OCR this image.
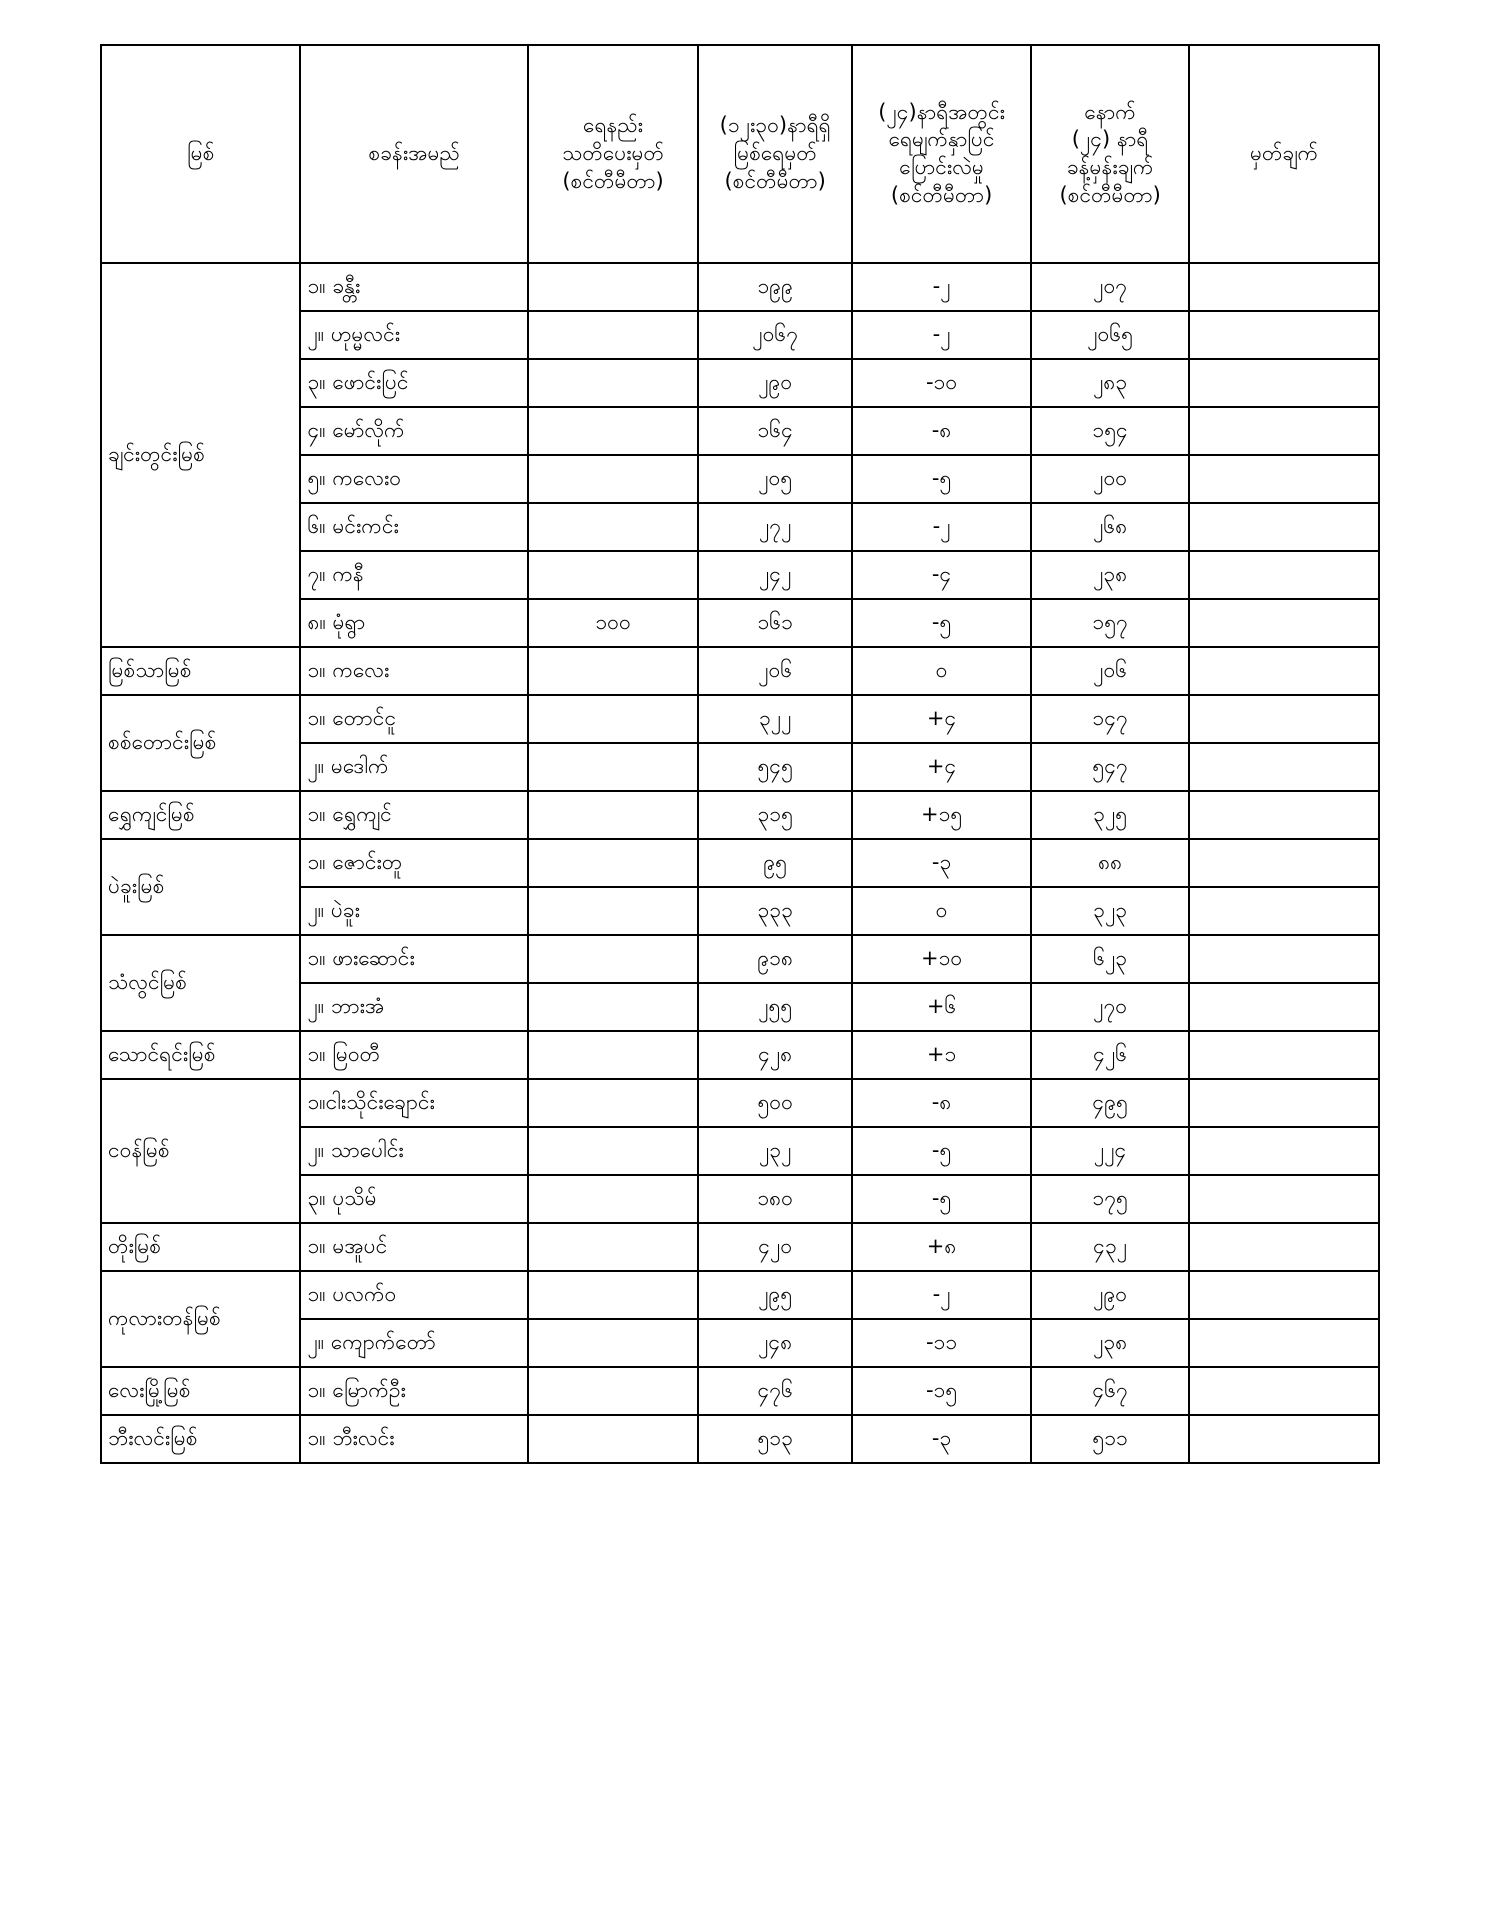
မြစ်	စခန်းအမည်	ရေနည်း
သတိပေးမှတ်
(စင်တီမီတာ)	(၁၂း၃၀)နာရီရှိ
မြစ်ရေမှတ်
(စင်တီမီတာ)	(၂၄)နာရီအတွင်း
ရေမျက်နှာပြင်
ပြောင်းလဲမှု
(စင်တီမီတာ)	နောက်
(၂၄) နာရီ
ခန့်မှန်းချက်
(စင်တီမီတာ)	မှတ်ချက်
ချင်းတွင်းမြစ်	၁။ ခန္တီး		၁၉၉	-၂	၂၀၇	
	၂။ ဟုမ္မလင်း		၂၀၆၇	-၂	၂၀၆၅	
	၃။ ဖောင်းပြင်		၂၉၀	-၁၀	၂၈၃	
	၄။ မော်လိုက်		၁၆၄	-၈	၁၅၄	
	၅။ ကလေးဝ		၂၀၅	-၅	၂၀၀	
	၆။ မင်းကင်း		၂၇၂	-၂	၂၆၈	
	၇။ ကနီ		၂၄၂	-၄	၂၃၈	
	၈။ မုံရွာ	၁၀၀	၁၆၁	-၅	၁၅၇	
မြစ်သာမြစ်	၁။ ကလေး		၂၀၆	၀	၂၀၆	
စစ်တောင်းမြစ်	၁။ တောင်ငူ		၃၂၂	+၄	၁၄၇	
	၂။ မဒေါက်		၅၄၅	+၄	၅၄၇	
ရွှေကျင်မြစ်	၁။ ရွှေကျင်		၃၁၅	+၁၅	၃၂၅	
ပဲခူးမြစ်	၁။ ဇောင်းတူ		၉၅	-၃	၈၈	
	၂။ ပဲခူး		၃၃၃	၀	၃၂၃	
သံလွင်မြစ်	၁။ ဖားဆောင်း		၉၁၈	+၁၀	၆၂၃	
	၂။ ဘားအံ		၂၅၅	+၆	၂၇၀	
သောင်ရင်းမြစ်	၁။ မြဝတီ		၄၂၈	+၁	၄၂၆	
ငဝန်မြစ်	၁။ငါးသိုင်းချောင်း		၅၀၀	-၈	၄၉၅	
	၂။ သာပေါင်း		၂၃၂	-၅	၂၂၄	
	၃။ ပုသိမ်		၁၈၀	-၅	၁၇၅	
တိုးမြစ်	၁။ မအူပင်		၄၂၀	+၈	၄၃၂	
ကုလားတန်မြစ်	၁။ ပလက်ဝ		၂၉၅	-၂	၂၉၀	
	၂။ ကျောက်တော်		၂၄၈	-၁၁	၂၃၈	
လေးမြို့မြစ်	၁။ မြောက်ဦး		၄၇၆	-၁၅	၄၆၇	
ဘီးလင်းမြစ်	၁။ ဘီးလင်း		၅၁၃	-၃	၅၁၁	
